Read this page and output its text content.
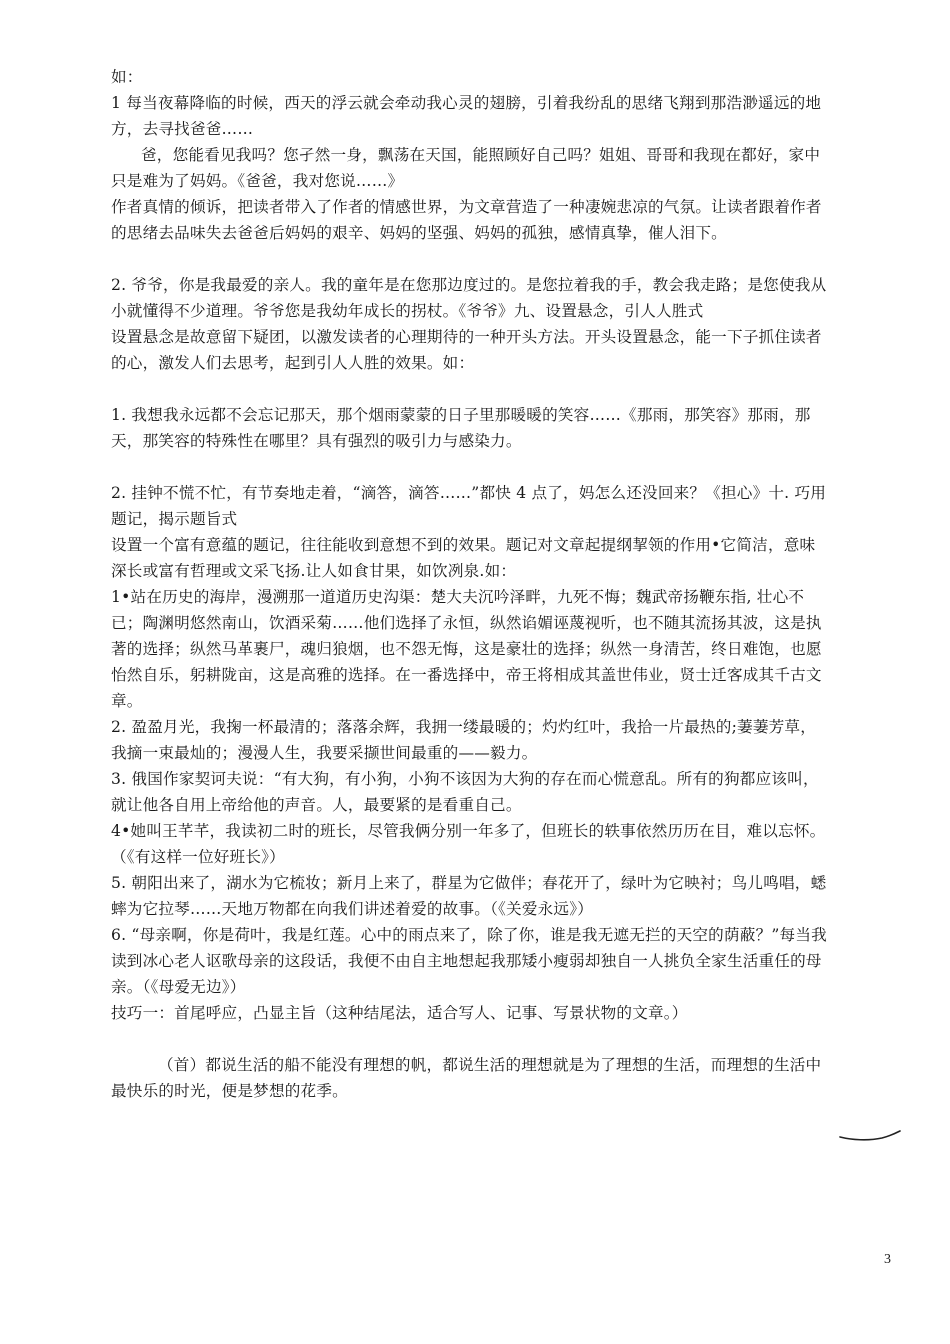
如：

1 每当夜幕降临的时候，西天的浮云就会牵动我心灵的翅膀，引着我纷乱的思绪飞翔到那浩渺遥远的地方，去寻找爸爸……

爸，您能看见我吗？您孑然一身，飘荡在天国，能照顾好自己吗？姐姐、哥哥和我现在都好，家中只是难为了妈妈。《爸爸，我对您说……》

作者真情的倾诉，把读者带入了作者的情感世界，为文章营造了一种凄婉悲凉的气氛。让读者跟着作者的思绪去品味失去爸爸后妈妈的艰辛、妈妈的坚强、妈妈的孤独，感情真挚，催人泪下。

2. 爷爷，你是我最爱的亲人。我的童年是在您那边度过的。是您拉着我的手，教会我走路；是您使我从小就懂得不少道理。爷爷您是我幼年成长的拐杖。《爷爷》九、设置悬念，引人人胜式

设置悬念是故意留下疑团，以激发读者的心理期待的一种开头方法。开头设置悬念，能一下子抓住读者的心，激发人们去思考，起到引人人胜的效果。如：

1. 我想我永远都不会忘记那天，那个烟雨蒙蒙的日子里那暖暖的笑容……《那雨，那笑容》那雨，那天，那笑容的特殊性在哪里？具有强烈的吸引力与感染力。

2. 挂钟不慌不忙，有节奏地走着，“滴答，滴答……”都快 4 点了，妈怎么还没回来？《担心》十. 巧用题记，揭示题旨式

设置一个富有意蕴的题记，往往能收到意想不到的效果。题记对文章起提纲挈领的作用•它简洁，意味深长或富有哲理或文采飞扬.让人如食甘果，如饮冽泉.如：

1•站在历史的海岸，漫溯那一道道历史沟渠：楚大夫沉吟泽畔，九死不悔；魏武帝扬鞭东指, 壮心不已；陶渊明悠然南山，饮酒采菊……他们选择了永恒，纵然谄媚诬蔑视听，也不随其流扬其波，这是执著的选择；纵然马革裹尸，魂归狼烟，也不怨无悔，这是豪壮的选择；纵然一身清苦，终日难饱，也愿怡然自乐，躬耕陇亩，这是高雅的选择。在一番选择中，帝王将相成其盖世伟业，贤士迁客成其千古文章。

2. 盈盈月光，我掬一杯最清的；落落余辉，我拥一缕最暖的；灼灼红叶，我拾一片最热的;萋萋芳草，我摘一束最灿的；漫漫人生，我要采撷世间最重的——毅力。

3. 俄国作家契诃夫说：“有大狗，有小狗，小狗不该因为大狗的存在而心慌意乱。所有的狗都应该叫，就让他各自用上帝给他的声音。人，最要紧的是看重自己。

4•她叫王芊芊，我读初二时的班长，尽管我俩分别一年多了，但班长的轶事依然历历在目，难以忘怀。（《有这样一位好班长》）

5. 朝阳出来了，湖水为它梳妆；新月上来了，群星为它做伴；春花开了，绿叶为它映衬；鸟儿鸣唱，蟋蟀为它拉琴……天地万物都在向我们讲述着爱的故事。（《关爱永远》）

6. “母亲啊，你是荷叶，我是红莲。心中的雨点来了，除了你，谁是我无遮无拦的天空的荫蔽？”每当我读到冰心老人讴歌母亲的这段话，我便不由自主地想起我那矮小瘦弱却独自一人挑负全家生活重任的母亲。（《母爱无边》）

技巧一：首尾呼应，凸显主旨（这种结尾法，适合写人、记事、写景状物的文章。）

（首）都说生活的船不能没有理想的帆，都说生活的理想就是为了理想的生活，而理想的生活中最快乐的时光，便是梦想的花季。

3
